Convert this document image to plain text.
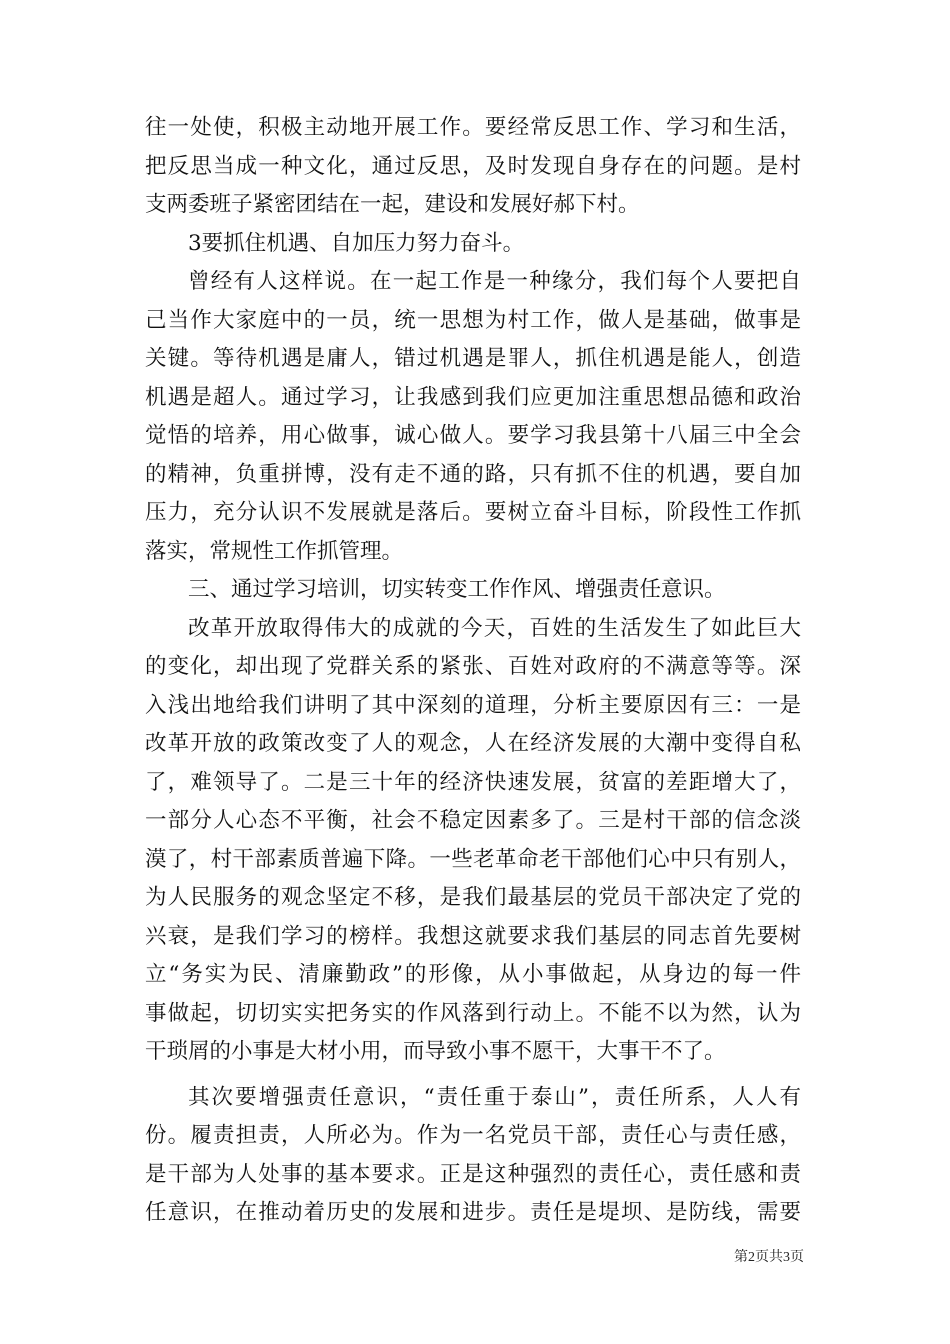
往一处使，积极主动地开展工作。要经常反思工作、学习和生活，
把反思当成一种文化，通过反思，及时发现自身存在的问题。是村
支两委班子紧密团结在一起，建设和发展好郝下村。
3要抓住机遇、自加压力努力奋斗。
曾经有人这样说。在一起工作是一种缘分，我们每个人要把自
己当作大家庭中的一员，统一思想为村工作，做人是基础，做事是
关键。等待机遇是庸人，错过机遇是罪人，抓住机遇是能人，创造
机遇是超人。通过学习，让我感到我们应更加注重思想品德和政治
觉悟的培养，用心做事，诚心做人。要学习我县第十八届三中全会
的精神，负重拼博，没有走不通的路，只有抓不住的机遇，要自加
压力，充分认识不发展就是落后。要树立奋斗目标，阶段性工作抓
落实，常规性工作抓管理。
三、通过学习培训，切实转变工作作风、增强责任意识。
改革开放取得伟大的成就的今天，百姓的生活发生了如此巨大
的变化，却出现了党群关系的紧张、百姓对政府的不满意等等。深
入浅出地给我们讲明了其中深刻的道理，分析主要原因有三：一是
改革开放的政策改变了人的观念，人在经济发展的大潮中变得自私
了，难领导了。二是三十年的经济快速发展，贫富的差距增大了，
一部分人心态不平衡，社会不稳定因素多了。三是村干部的信念淡
漠了，村干部素质普遍下降。一些老革命老干部他们心中只有别人，
为人民服务的观念坚定不移，是我们最基层的党员干部决定了党的
兴衰，是我们学习的榜样。我想这就要求我们基层的同志首先要树
立“务实为民、清廉勤政”的形像，从小事做起，从身边的每一件
事做起，切切实实把务实的作风落到行动上。不能不以为然，认为
干琐屑的小事是大材小用，而导致小事不愿干，大事干不了。
其次要增强责任意识，“责任重于泰山”，责任所系，人人有
份。履责担责，人所必为。作为一名党员干部，责任心与责任感，
是干部为人处事的基本要求。正是这种强烈的责任心，责任感和责
任意识，在推动着历史的发展和进步。责任是堤坝、是防线，需要
第2页共3页
